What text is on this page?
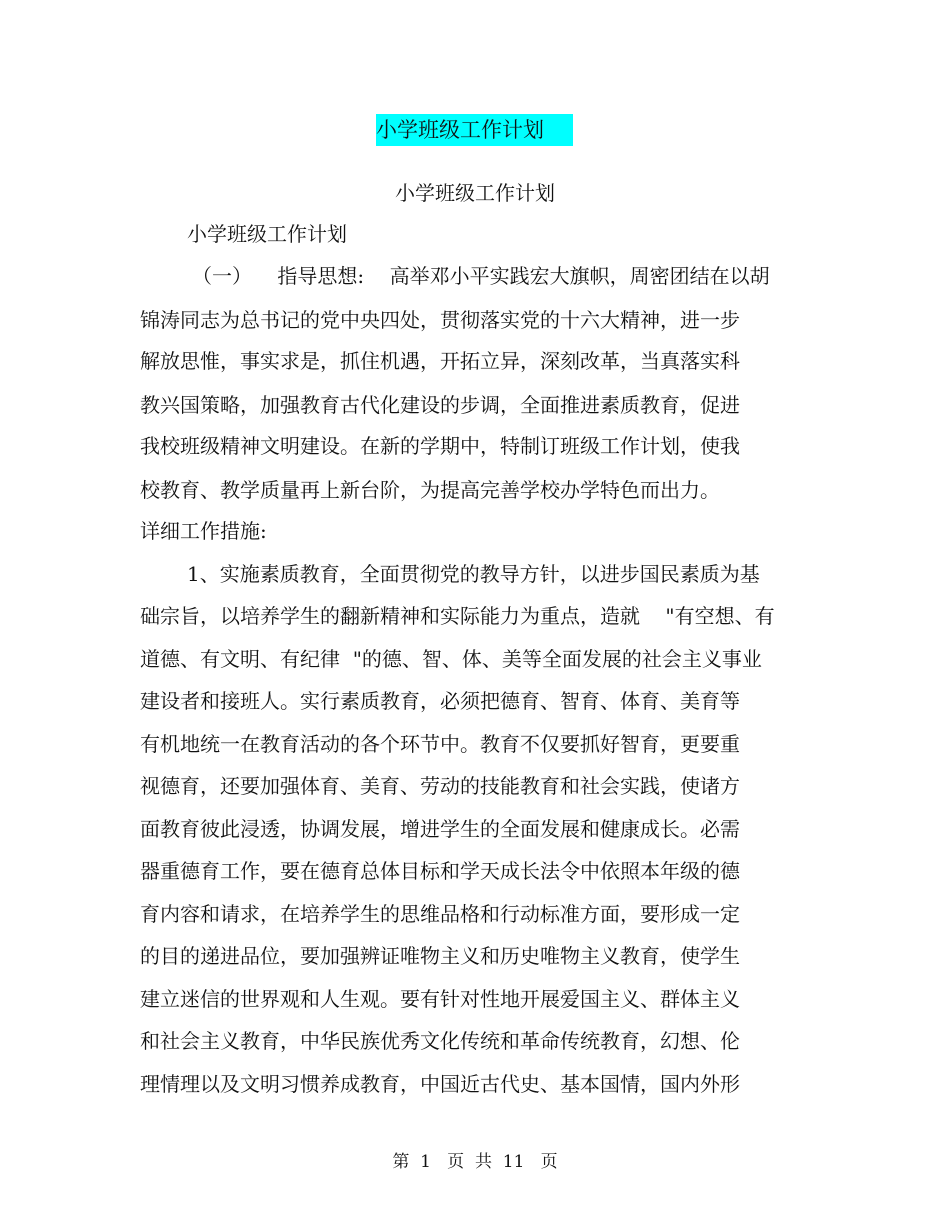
小学班级工作计划
小学班级工作计划
小学班级工作计划
（一）    指导思想:    高举邓小平实践宏大旗帜，周密团结在以胡
锦涛同志为总书记的党中央四处，贯彻落实党的十六大精神，进一步
解放思惟，事实求是，抓住机遇，开拓立异，深刻改革，当真落实科
教兴国策略，加强教育古代化建设的步调，全面推进素质教育，促进
我校班级精神文明建设。在新的学期中，特制订班级工作计划，使我
校教育、教学质量再上新台阶，为提高完善学校办学特色而出力。
详细工作措施:
1、实施素质教育，全面贯彻党的教导方针，以进步国民素质为基
础宗旨，以培养学生的翻新精神和实际能力为重点，造就    "有空想、有
道德、有文明、有纪律  "的德、智、体、美等全面发展的社会主义事业
建设者和接班人。实行素质教育，必须把德育、智育、体育、美育等
有机地统一在教育活动的各个环节中。教育不仅要抓好智育，更要重
视德育，还要加强体育、美育、劳动的技能教育和社会实践，使诸方
面教育彼此浸透，协调发展，增进学生的全面发展和健康成长。必需
器重德育工作，要在德育总体目标和学天成长法令中依照本年级的德
育内容和请求，在培养学生的思维品格和行动标准方面，要形成一定
的目的递进品位，要加强辨证唯物主义和历史唯物主义教育，使学生
建立迷信的世界观和人生观。要有针对性地开展爱国主义、群体主义
和社会主义教育，中华民族优秀文化传统和革命传统教育，幻想、伦
理情理以及文明习惯养成教育，中国近古代史、基本国情，国内外形
第  1   页  共  11   页
